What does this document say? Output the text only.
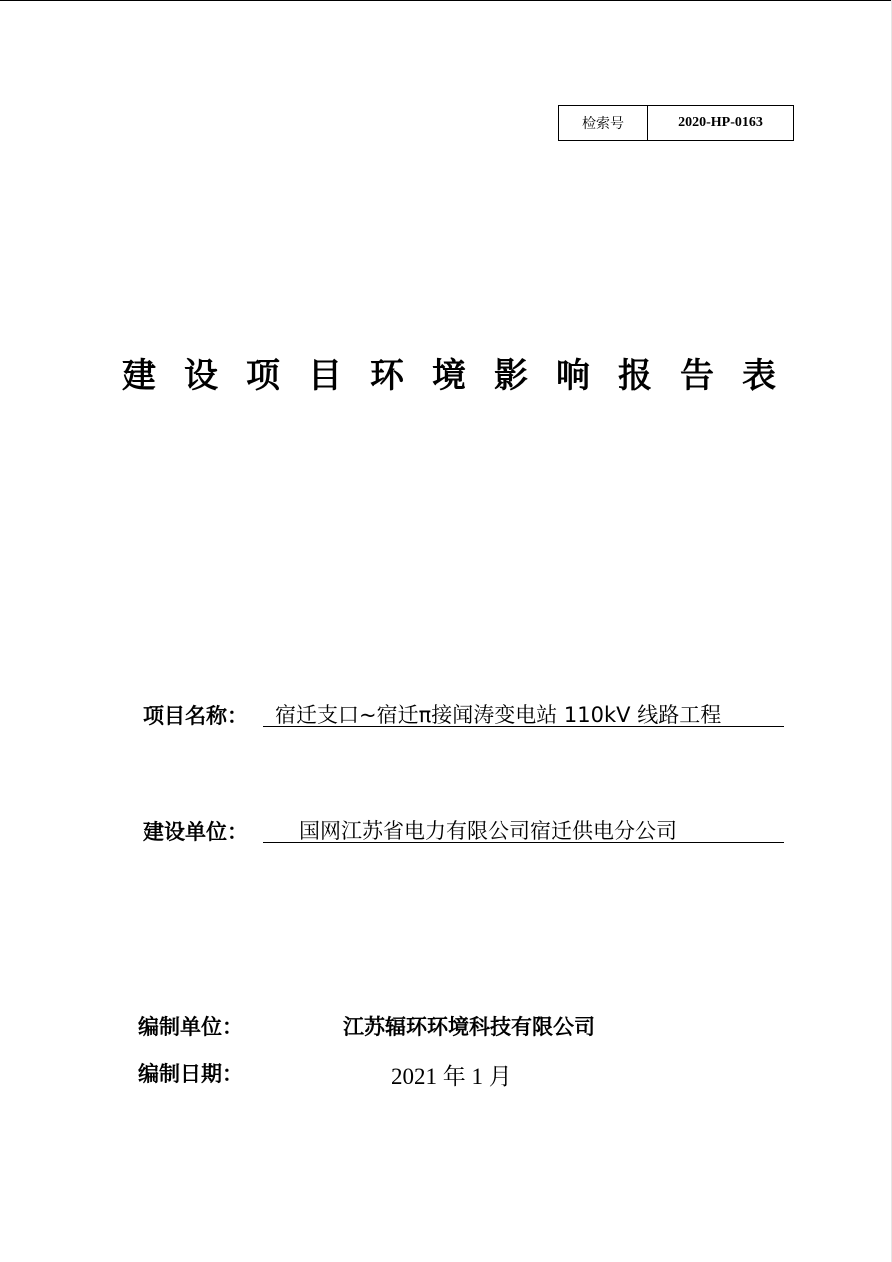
检索号	2020-HP-0163
建设项目环境影响报告表
项目名称：	宿迁支口~宿迁π接闻涛变电站 110kV 线路工程
建设单位：	国网江苏省电力有限公司宿迁供电分公司
编制单位：	江苏辐环环境科技有限公司
编制日期：	2021 年 1 月
